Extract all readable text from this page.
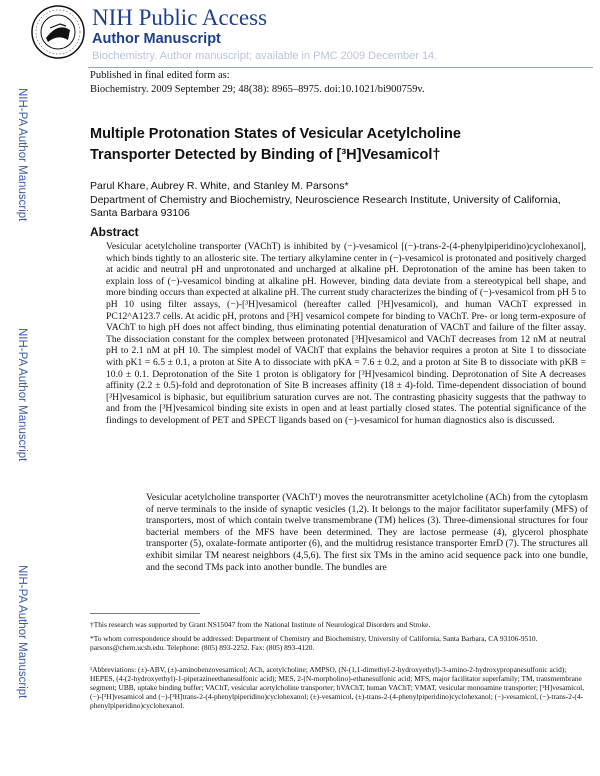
NIH Public Access
Author Manuscript
Biochemistry. Author manuscript; available in PMC 2009 December 14.
Published in final edited form as:
Biochemistry. 2009 September 29; 48(38): 8965–8975. doi:10.1021/bi900759v.
NIH-PA Author Manuscript
NIH-PA Author Manuscript
NIH-PA Author Manuscript
Multiple Protonation States of Vesicular Acetylcholine
Transporter Detected by Binding of [³H]Vesamicol†
Parul Khare, Aubrey R. White, and Stanley M. Parsons*
Department of Chemistry and Biochemistry, Neuroscience Research Institute, University of California, Santa Barbara 93106
Abstract

Vesicular acetylcholine transporter (VAChT) is inhibited by (−)-vesamicol [(−)-trans-2-(4-phenylpiperidino)cyclohexanol], which binds tightly to an allosteric site. The tertiary alkylamine center in (−)-vesamicol is protonated and positively charged at acidic and neutral pH and unprotonated and uncharged at alkaline pH. Deprotonation of the amine has been taken to explain loss of (−)-vesamicol binding at alkaline pH. However, binding data deviate from a stereotypical bell shape, and more binding occurs than expected at alkaline pH. The current study characterizes the binding of (−)-vesamicol from pH 5 to pH 10 using filter assays, (−)-[³H]vesamicol (hereafter called [³H]vesamicol), and human VAChT expressed in PC12^A123.7 cells. At acidic pH, protons and [³H] vesamicol compete for binding to VAChT. Pre- or long term-exposure of VAChT to high pH does not affect binding, thus eliminating potential denaturation of VAChT and failure of the filter assay. The dissociation constant for the complex between protonated [³H]vesamicol and VAChT decreases from 12 nM at neutral pH to 2.1 nM at pH 10. The simplest model of VAChT that explains the behavior requires a proton at Site 1 to dissociate with pK1 = 6.5 ± 0.1, a proton at Site A to dissociate with pKA = 7.6 ± 0.2, and a proton at Site B to dissociate with pKB = 10.0 ± 0.1. Deprotonation of the Site 1 proton is obligatory for [³H]vesamicol binding. Deprotonation of Site A decreases affinity (2.2 ± 0.5)-fold and deprotonation of Site B increases affinity (18 ± 4)-fold. Time-dependent dissociation of bound [³H]vesamicol is biphasic, but equilibrium saturation curves are not. The contrasting phasicity suggests that the pathway to and from the [³H]vesamicol binding site exists in open and at least partially closed states. The potential significance of the findings to development of PET and SPECT ligands based on (−)-vesamicol for human diagnostics also is discussed.

Vesicular acetylcholine transporter (VAChT¹) moves the neurotransmitter acetylcholine (ACh) from the cytoplasm of nerve terminals to the inside of synaptic vesicles (1,2). It belongs to the major facilitator superfamily (MFS) of transporters, most of which contain twelve transmembrane (TM) helices (3). Three-dimensional structures for four bacterial members of the MFS have been determined. They are lactose permease (4), glycerol phosphate transporter (5), oxalate-formate antiporter (6), and the multidrug resistance transporter EmrD (7). The structures all exhibit similar TM nearest neighbors (4,5,6). The first six TMs in the amino acid sequence pack into one bundle, and the second TMs pack into another bundle. The bundles are

†This research was supported by Grant NS15047 from the National Institute of Neurological Disorders and Stroke.
*To whom correspondence should be addressed: Department of Chemistry and Biochemistry, University of California, Santa Barbara, CA 93106-9510. parsons@chem.ucsb.edu. Telephone: (805) 893-2252. Fax: (805) 893-4120.
¹Abbreviations: (±)-ABV, (±)-aminobenzovesamicol; ACh, acetylcholine; AMPSO, (N-(1,1-dimethyl-2-hydroxyethyl)-3-amino-2-hydroxypropanesulfonic acid); HEPES, (4-(2-hydroxyethyl)-1-piperazineethanesulfonic acid); MES, 2-(N-morpholino)-ethanesulfonic acid; MFS, major facilitator superfamily; TM, transmembrane segment; UBB, uptake binding buffer; VAChT, vesicular acetylcholine transporter; hVAChT, human VAChT; VMAT, vesicular monoamine transporter; [³H]vesamicol, (−)-[³H]vesamicol and (−)-[³H]trans-2-(4-phenylpiperidino)cyclohexanol; (±)-vesamicol, (±)-trans-2-(4-phenylpiperidino)cyclohexanol; (−)-vesamicol, (−)-trans-2-(4-phenylpiperidino)cyclohexanol.
